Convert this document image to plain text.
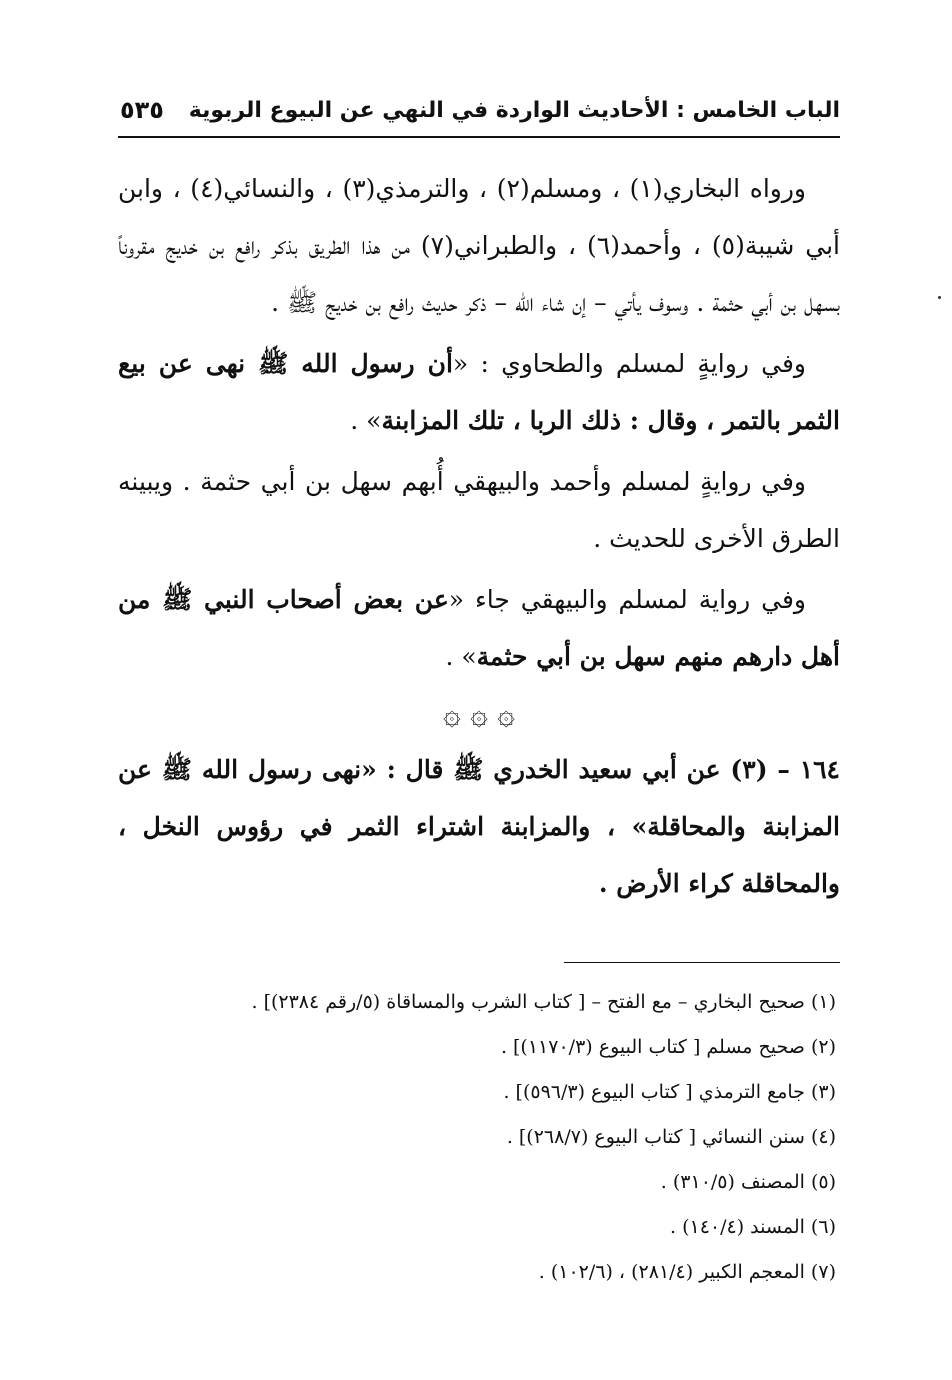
الباب الخامس : الأحاديث الواردة في النهي عن البيوع الربوية
٥٣٥

ورواه البخاري(١) ، ومسلم(٢) ، والترمذي(٣) ، والنسائي(٤) ، وابن أبي شيبة(٥) ، وأحمد(٦) ، والطبراني(٧) من هذا الطريق بذكر رافع بن خديج مقروناً بسهل بن أبي حثمة . وسوف يأتي – إن شاء الله – ذكر حديث رافع بن خديج ﷺ .

وفي روايةٍ لمسلم والطحاوي : «أن رسول الله ﷺ نهى عن بيع الثمر بالتمر ، وقال : ذلك الربا ، تلك المزابنة» .

وفي روايةٍ لمسلم وأحمد والبيهقي أُبهم سهل بن أبي حثمة . ويبينه الطرق الأخرى للحديث .

وفي رواية لمسلم والبيهقي جاء «عن بعض أصحاب النبي ﷺ من أهل دارهم منهم سهل بن أبي حثمة» .

۞ ۞ ۞

١٦٤ – (٣) عن أبي سعيد الخدري ﷺ قال : «نهى رسول الله ﷺ عن المزابنة والمحاقلة» ، والمزابنة اشتراء الثمر في رؤوس النخل ، والمحاقلة كراء الأرض .

(١) صحيح البخاري – مع الفتح – [ كتاب الشرب والمساقاة (٥/رقم ٢٣٨٤)] .
(٢) صحيح مسلم [ كتاب البيوع (١١٧٠/٣)] .
(٣) جامع الترمذي [ كتاب البيوع (٥٩٦/٣)] .
(٤) سنن النسائي [ كتاب البيوع (٢٦٨/٧)] .
(٥) المصنف (٣١٠/٥) .
(٦) المسند (١٤٠/٤) .
(٧) المعجم الكبير (٢٨١/٤) ، (١٠٢/٦) .
